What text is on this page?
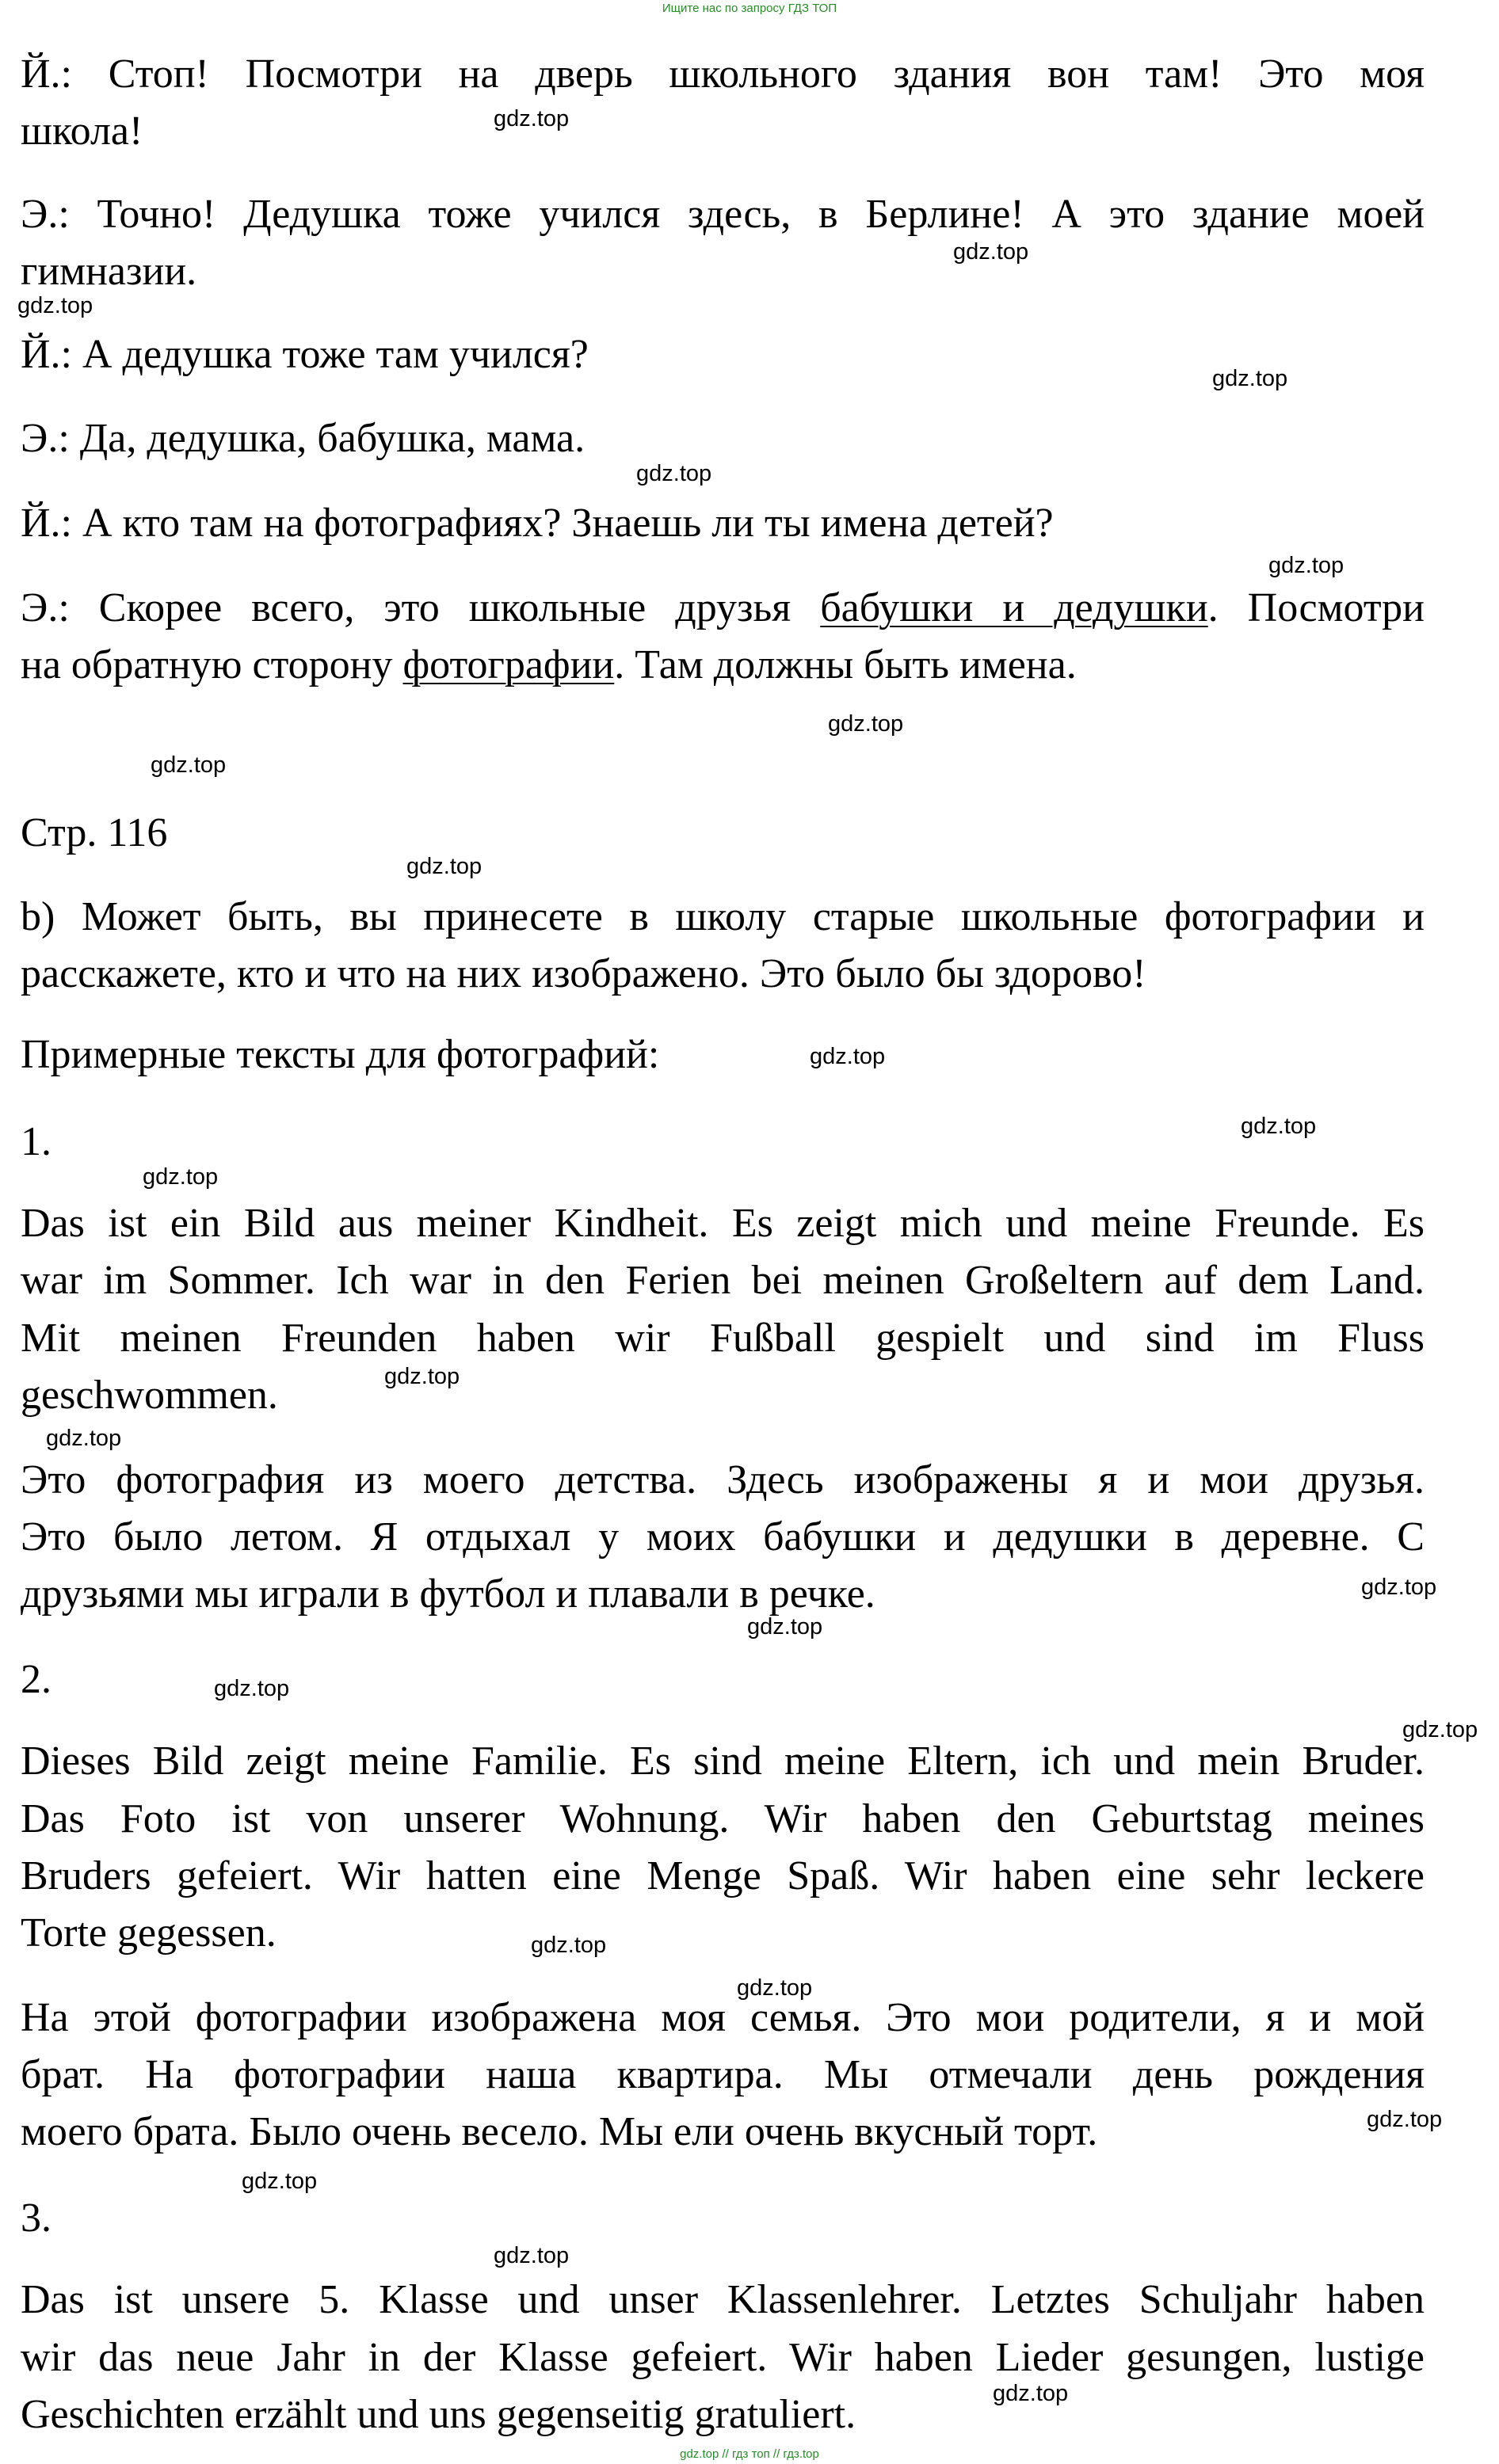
Ищите нас по запросу ГДЗ ТОП
Й.: Стоп! Посмотри на дверь школьного здания вон там! Это моя
школа!
Э.: Точно! Дедушка тоже учился здесь, в Берлине! А это здание моей
гимназии.
Й.: А дедушка тоже там учился?
Э.: Да, дедушка, бабушка, мама.
Й.: А кто там на фотографиях? Знаешь ли ты имена детей?
Э.: Скорее всего, это школьные друзья бабушки и дедушки. Посмотри
на обратную сторону фотографии. Там должны быть имена.
Стр. 116
b) Может быть, вы принесете в школу старые школьные фотографии и
расскажете, кто и что на них изображено. Это было бы здорово!
Примерные тексты для фотографий:
1.
Das ist ein Bild aus meiner Kindheit. Es zeigt mich und meine Freunde. Es
war im Sommer. Ich war in den Ferien bei meinen Großeltern auf dem Land.
Mit meinen Freunden haben wir Fußball gespielt und sind im Fluss
geschwommen.
Это фотография из моего детства. Здесь изображены я и мои друзья.
Это было летом. Я отдыхал у моих бабушки и дедушки в деревне. С
друзьями мы играли в футбол и плавали в речке.
2.
Dieses Bild zeigt meine Familie. Es sind meine Eltern, ich und mein Bruder.
Das Foto ist von unserer Wohnung. Wir haben den Geburtstag meines
Bruders gefeiert. Wir hatten eine Menge Spaß. Wir haben eine sehr leckere
Torte gegessen.
На этой фотографии изображена моя семья. Это мои родители, я и мой
брат. На фотографии наша квартира. Мы отмечали день рождения
моего брата. Было очень весело. Мы ели очень вкусный торт.
3.
Das ist unsere 5. Klasse und unser Klassenlehrer. Letztes Schuljahr haben
wir das neue Jahr in der Klasse gefeiert. Wir haben Lieder gesungen, lustige
Geschichten erzählt und uns gegenseitig gratuliert.
gdz.top
gdz.top
gdz.top
gdz.top
gdz.top
gdz.top
gdz.top
gdz.top
gdz.top
gdz.top
gdz.top
gdz.top
gdz.top
gdz.top
gdz.top
gdz.top
gdz.top
gdz.top
gdz.top
gdz.top
gdz.top
gdz.top
gdz.top
gdz.top
gdz.top // гдз топ // гдз.top
